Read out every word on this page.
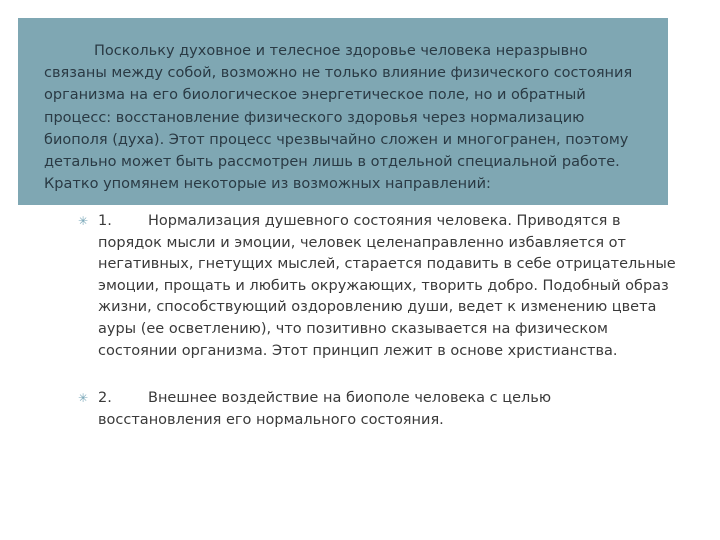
Поскольку духовное и телесное здоровье человека неразрывно связаны между собой, возможно не только влияние физического состояния организма на его биологическое энергетическое поле, но и обратный процесс: восстановление физического здоровья через нормализацию биополя (духа). Этот процесс чрезвычайно сложен и многогранен, поэтому детально может быть рассмотрен лишь в отдельной специальной работе. Кратко упомянем некоторые из возможных направлений:

✳ 1. Нормализация душевного состояния человека. Приводятся в порядок мысли и эмоции, человек целенаправленно избавляется от негативных, гнетущих мыслей, старается подавить в себе отрицательные эмоции, прощать и любить окружающих, творить добро. Подобный образ жизни, способствующий оздоровлению души, ведет к изменению цвета ауры (ее осветлению), что позитивно сказывается на физическом состоянии организма. Этот принцип лежит в основе христианства.
✳ 2. Внешнее воздействие на биополе человека с целью восстановления его нормального состояния.
